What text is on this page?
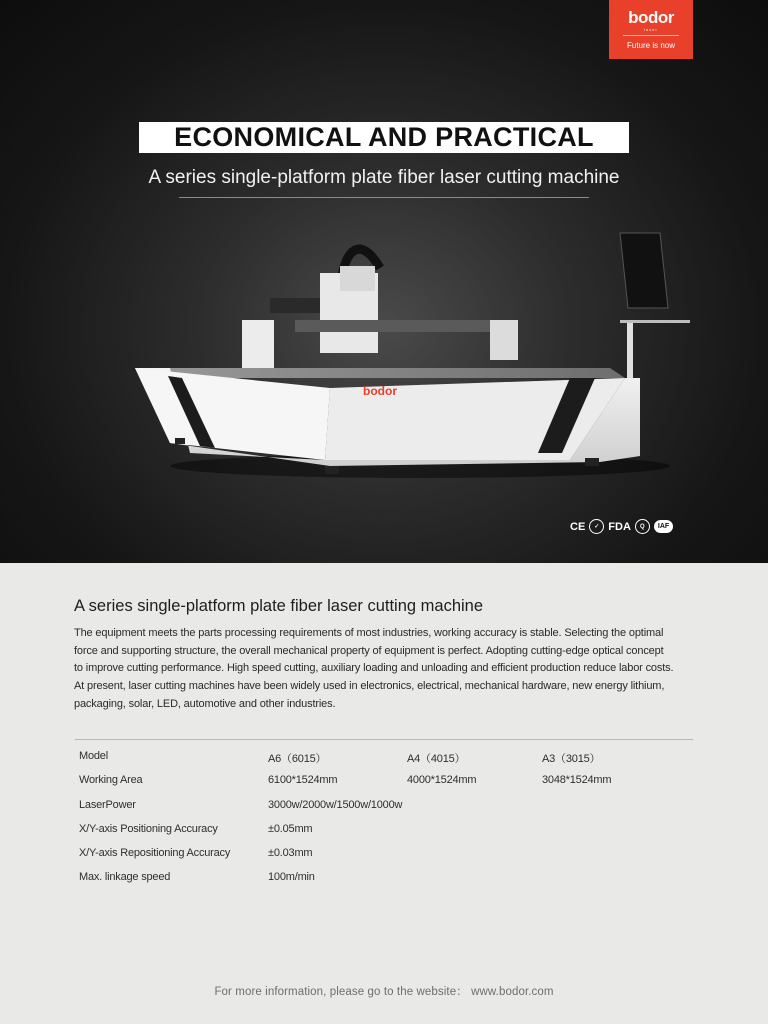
bodor
laser
Future is now
ECONOMICAL AND PRACTICAL
A series single-platform plate fiber laser cutting machine
bodor
CE	✓ FDA	Q	IAF
A series single-platform plate fiber laser cutting machine
The equipment meets the parts processing requirements of most industries, working accuracy is stable. Selecting the optimal force and supporting structure, the overall mechanical property of equipment is perfect. Adopting cutting-edge optical concept to improve cutting performance. High speed cutting, auxiliary loading and unloading and efficient production reduce labor costs. At present, laser cutting machines have been widely used in electronics, electrical, mechanical hardware, new energy lithium, packaging, solar, LED, automotive and other industries.
Model	A6（6015）	A4（4015）	A3（3015）
Working Area	6100*1524mm	4000*1524mm	3048*1524mm
LaserPower	3000w/2000w/1500w/1000w
X/Y-axis Positioning Accuracy	±0.05mm
X/Y-axis Repositioning Accuracy	±0.03mm
Max. linkage speed	100m/min
For more information, please go to the website： www.bodor.com
